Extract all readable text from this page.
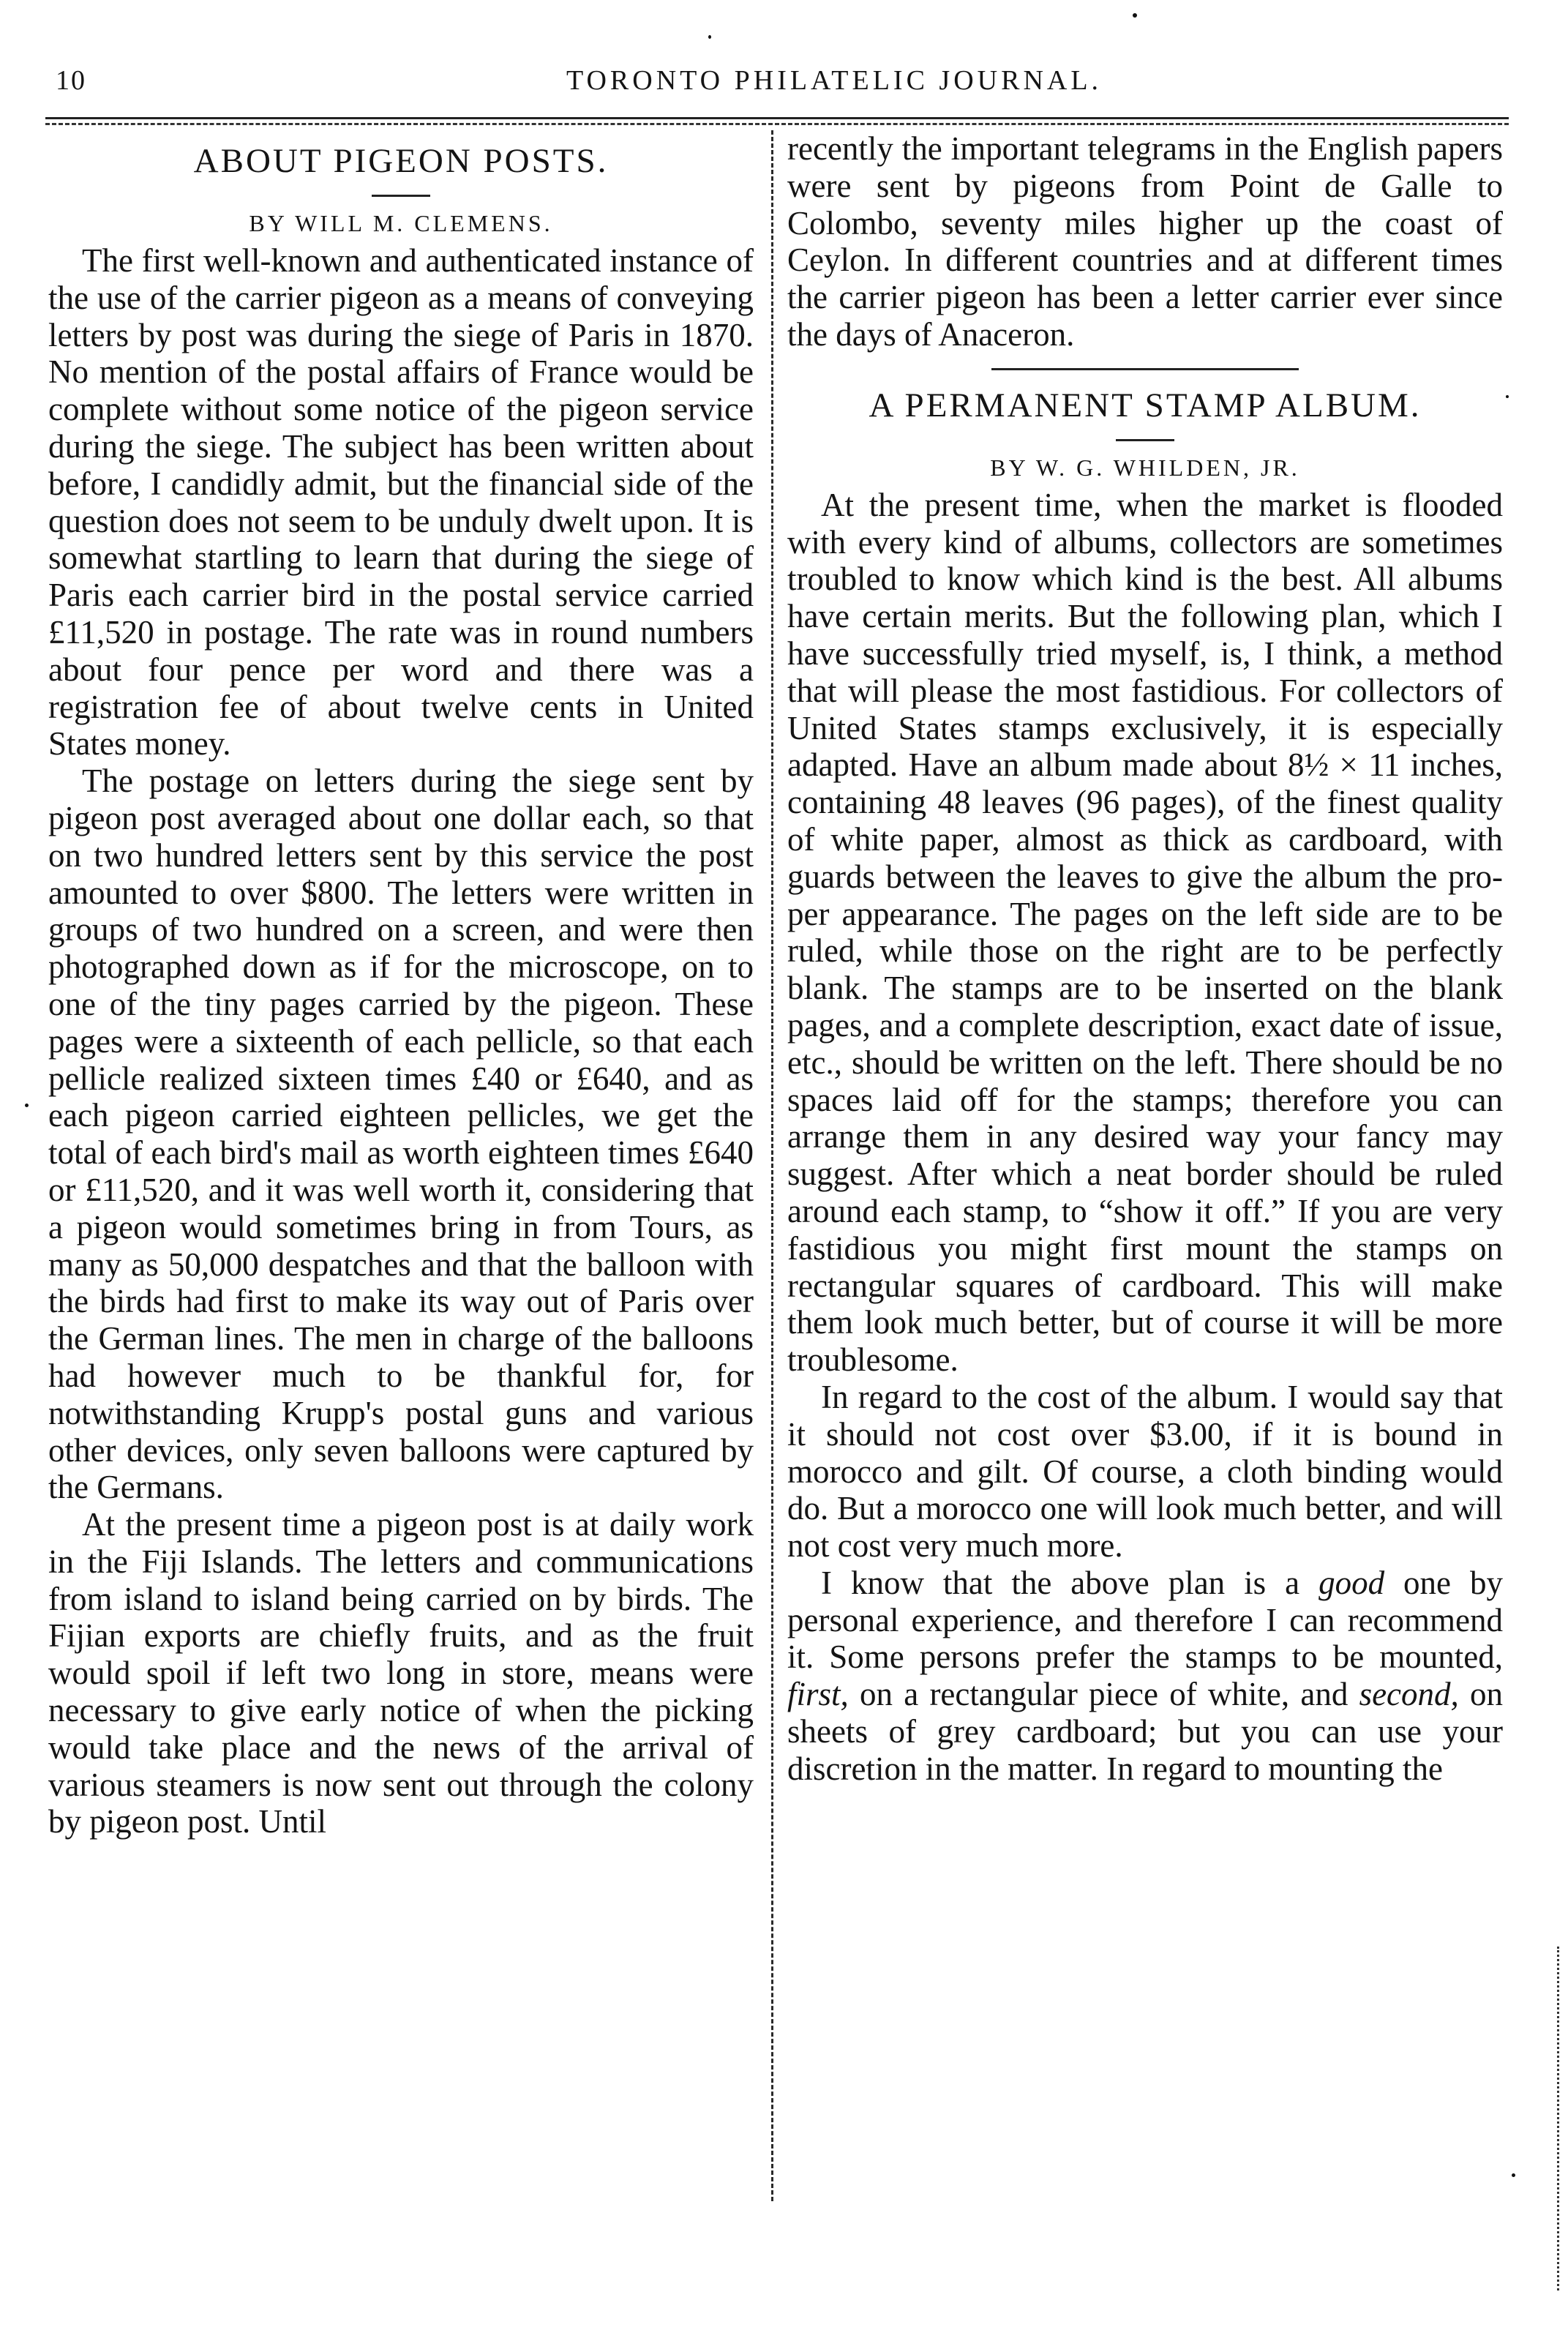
10	TORONTO PHILATELIC JOURNAL.
ABOUT PIGEON POSTS.
BY WILL M. CLEMENS.

The first well-known and authenticated instance of the use of the carrier pigeon as a means of conveying letters by post was during the siege of Paris in 1870. No mention of the postal affairs of France would be complete without some notice of the pigeon service during the siege. The subject has been written about before, I candidly admit, but the financial side of the question does not seem to be unduly dwelt upon. It is somewhat startling to learn that during the siege of Paris each carrier bird in the postal service carried £11,520 in postage. The rate was in round numbers about four pence per word and there was a registration fee of about twelve cents in United States money.

The postage on letters during the siege sent by pigeon post averaged about one dollar each, so that on two hundred letters sent by this service the post amounted to over $800. The letters were written in groups of two hundred on a screen, and were then photographed down as if for the microscope, on to one of the tiny pages carried by the pigeon. These pages were a sixteenth of each pellicle, so that each pellicle realized sixteen times £40 or £640, and as each pigeon carried eighteen pellicles, we get the total of each bird's mail as worth eighteen times £640 or £11,520, and it was well worth it, considering that a pigeon would sometimes bring in from Tours, as many as 50,000 despatches and that the balloon with the birds had first to make its way out of Paris over the German lines. The men in charge of the balloons had however much to be thankful for, for notwithstanding Krupp's postal guns and various other devices, only seven balloons were captured by the Germans.

At the present time a pigeon post is at daily work in the Fiji Islands. The letters and communications from island to island being carried on by birds. The Fijian exports are chiefly fruits, and as the fruit would spoil if left two long in store, means were necessary to give early notice of when the picking would take place and the news of the arrival of various steamers is now sent out through the colony by pigeon post. Until

recently the important telegrams in the English papers were sent by pigeons from Point de Galle to Colombo, seventy miles higher up the coast of Ceylon. In different countries and at different times the carrier pigeon has been a letter carrier ever since the days of Anaceron.

A PERMANENT STAMP ALBUM.
BY W. G. WHILDEN, JR.

At the present time, when the market is flooded with every kind of albums, collectors are sometimes troubled to know which kind is the best. All albums have certain merits. But the following plan, which I have successfully tried myself, is, I think, a method that will please the most fastidious. For collectors of United States stamps exclusively, it is especially adapted. Have an album made about 8½ × 11 inches, containing 48 leaves (96 pages), of the finest quality of white paper, almost as thick as cardboard, with guards between the leaves to give the album the proper appearance. The pages on the left side are to be ruled, while those on the right are to be perfectly blank. The stamps are to be inserted on the blank pages, and a complete description, exact date of issue, etc., should be written on the left. There should be no spaces laid off for the stamps; therefore you can arrange them in any desired way your fancy may suggest. After which a neat border should be ruled around each stamp, to “show it off.” If you are very fastidious you might first mount the stamps on rectangular squares of cardboard. This will make them look much better, but of course it will be more troublesome.

In regard to the cost of the album. I would say that it should not cost over $3.00, if it is bound in morocco and gilt. Of course, a cloth binding would do. But a morocco one will look much better, and will not cost very much more.

I know that the above plan is a good one by personal experience, and therefore I can recommend it. Some persons prefer the stamps to be mounted, first, on a rectangular piece of white, and second, on sheets of grey cardboard; but you can use your discretion in the matter. In regard to mounting the
